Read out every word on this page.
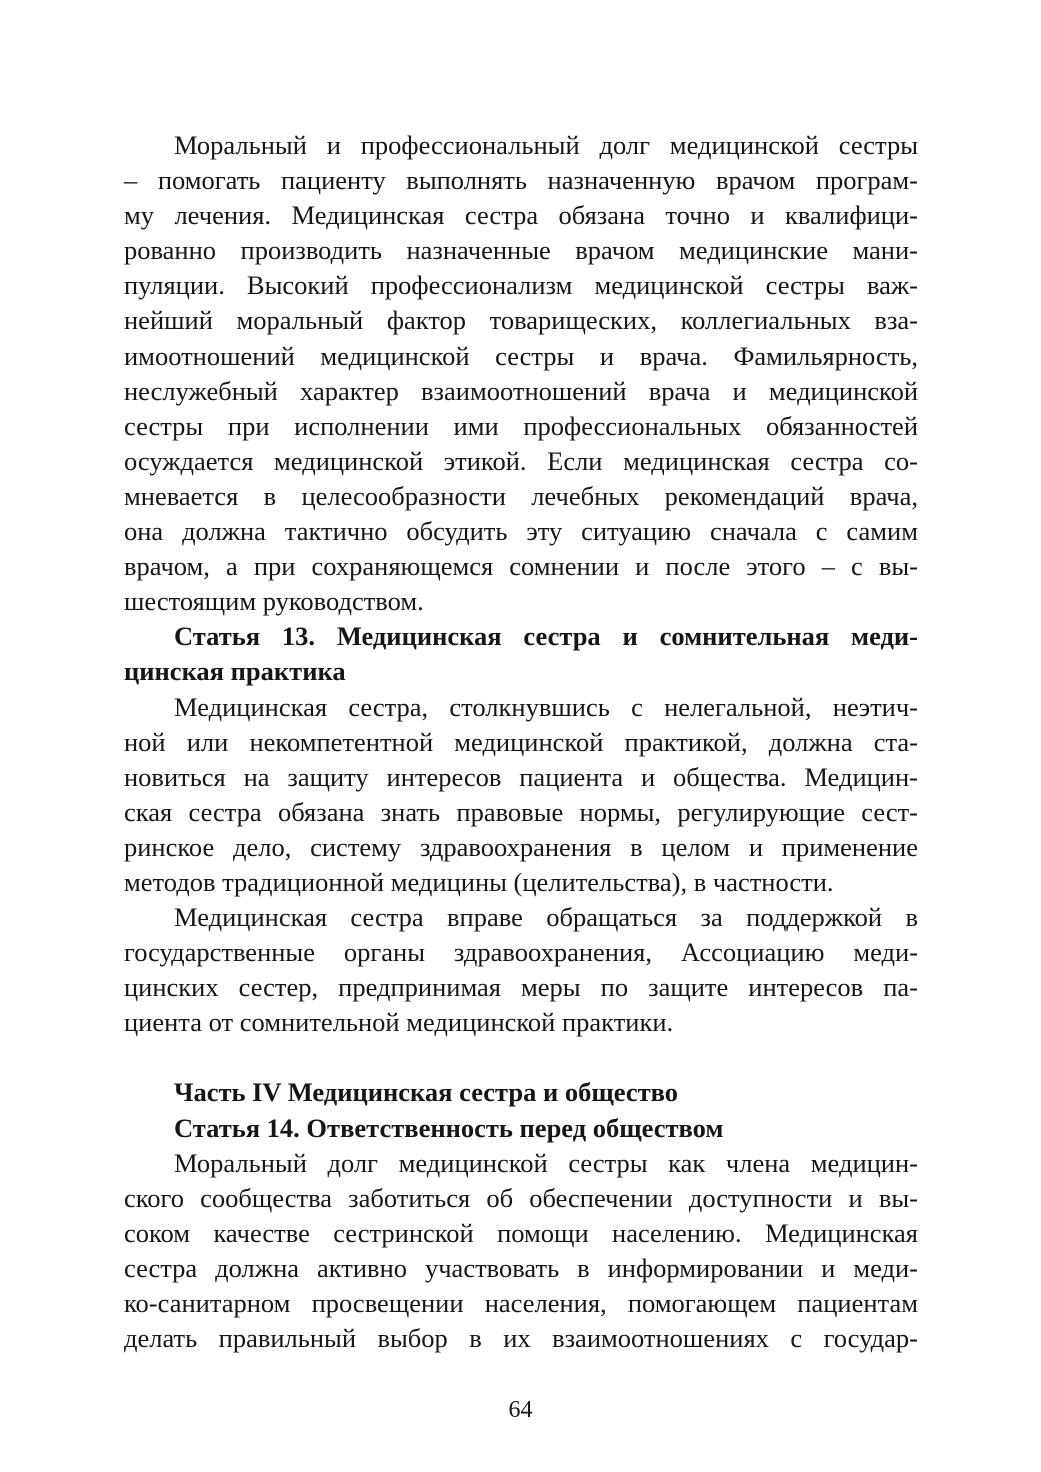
Моральный и профессиональный долг медицинской сестры
– помогать пациенту выполнять назначенную врачом програм-
му лечения. Медицинская сестра обязана точно и квалифици-
рованно производить назначенные врачом медицинские мани-
пуляции. Высокий профессионализм медицинской сестры важ-
нейший моральный фактор товарищеских, коллегиальных вза-
имоотношений медицинской сестры и врача. Фамильярность,
неслужебный характер взаимоотношений врача и медицинской
сестры при исполнении ими профессиональных обязанностей
осуждается медицинской этикой. Если медицинская сестра со-
мневается в целесообразности лечебных рекомендаций врача,
она должна тактично обсудить эту ситуацию сначала с самим
врачом, а при сохраняющемся сомнении и после этого – с вы-
шестоящим руководством.
Статья 13. Медицинская сестра и сомнительная меди-
цинская практика
Медицинская сестра, столкнувшись с нелегальной, неэтич-
ной или некомпетентной медицинской практикой, должна ста-
новиться на защиту интересов пациента и общества. Медицин-
ская сестра обязана знать правовые нормы, регулирующие сест-
ринское дело, систему здравоохранения в целом и применение
методов традиционной медицины (целительства), в частности.
Медицинская сестра вправе обращаться за поддержкой в
государственные органы здравоохранения, Ассоциацию меди-
цинских сестер, предпринимая меры по защите интересов па-
циента от сомнительной медицинской практики.
Часть IV Медицинская сестра и общество
Статья 14. Ответственность перед обществом
Моральный долг медицинской сестры как члена медицин-
ского сообщества заботиться об обеспечении доступности и вы-
соком качестве сестринской помощи населению. Медицинская
сестра должна активно участвовать в информировании и меди-
ко-санитарном просвещении населения, помогающем пациентам
делать правильный выбор в их взаимоотношениях с государ-
64
